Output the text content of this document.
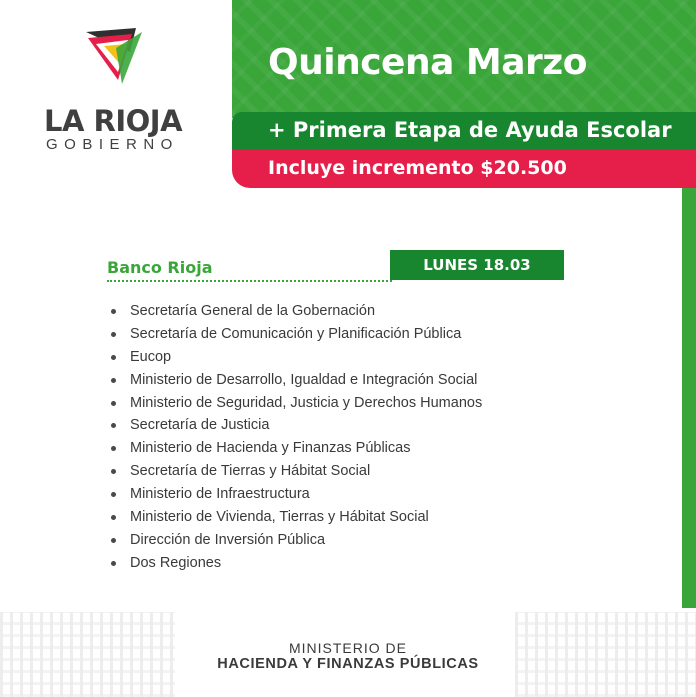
Quincena Marzo
+ Primera Etapa de Ayuda Escolar
Incluye incremento $20.500
LA RIOJA
GOBIERNO
Banco Rioja	LUNES 18.03
Secretaría General de la Gobernación
Secretaría de Comunicación y Planificación Pública
Eucop
Ministerio de Desarrollo, Igualdad e Integración Social
Ministerio de Seguridad, Justicia y Derechos Humanos
Secretaría de Justicia
Ministerio de Hacienda y Finanzas Públicas
Secretaría de Tierras y Hábitat Social
Ministerio de Infraestructura
Ministerio de Vivienda, Tierras y Hábitat Social
Dirección de Inversión Pública
Dos Regiones
MINISTERIO DE
HACIENDA Y FINANZAS PÚBLICAS
